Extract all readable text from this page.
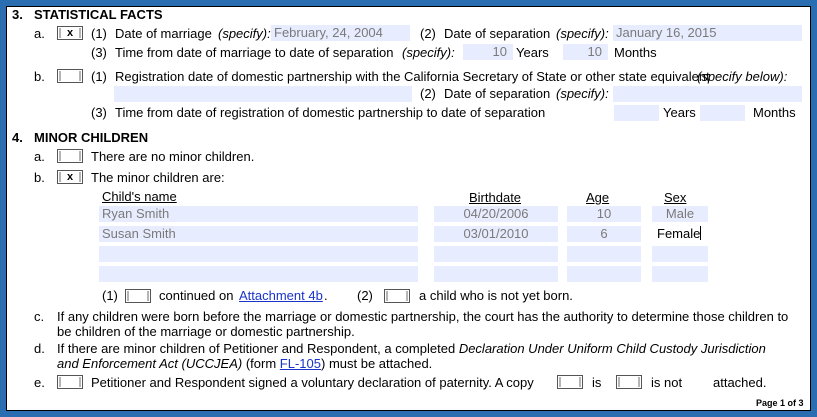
3. STATISTICAL FACTS
a.	x	(1) Date of marriage (specify): February, 24, 2004	(2) Date of separation (specify): January 16, 2015
(3) Time from date of marriage to date of separation (specify):	10 Years	10 Months
b.	(1) Registration date of domestic partnership with the California Secretary of State or other state equivalent
(specify below):
(2) Date of separation (specify):
(3) Time from date of registration of domestic partnership to date of separation	Years	Months
4. MINOR CHILDREN
a.	There are no minor children.
b.	x	The minor children are:
Child's name	Birthdate	Age	Sex
Ryan Smith	04/20/2006	10	Male
Susan Smith	03/01/2010	6	Female
(1)	continued on Attachment 4b . (2)	a child who is not yet born.
c. If any children were born before the marriage or domestic partnership, the court has the authority to determine those children to
be children of the marriage or domestic partnership.
d. If there are minor children of Petitioner and Respondent, a completed Declaration Under Uniform Child Custody Jurisdiction
and Enforcement Act (UCCJEA) (form FL-105) must be attached.
e.	Petitioner and Respondent signed a voluntary declaration of paternity. A copy	is	is not attached.
Page 1 of 3
